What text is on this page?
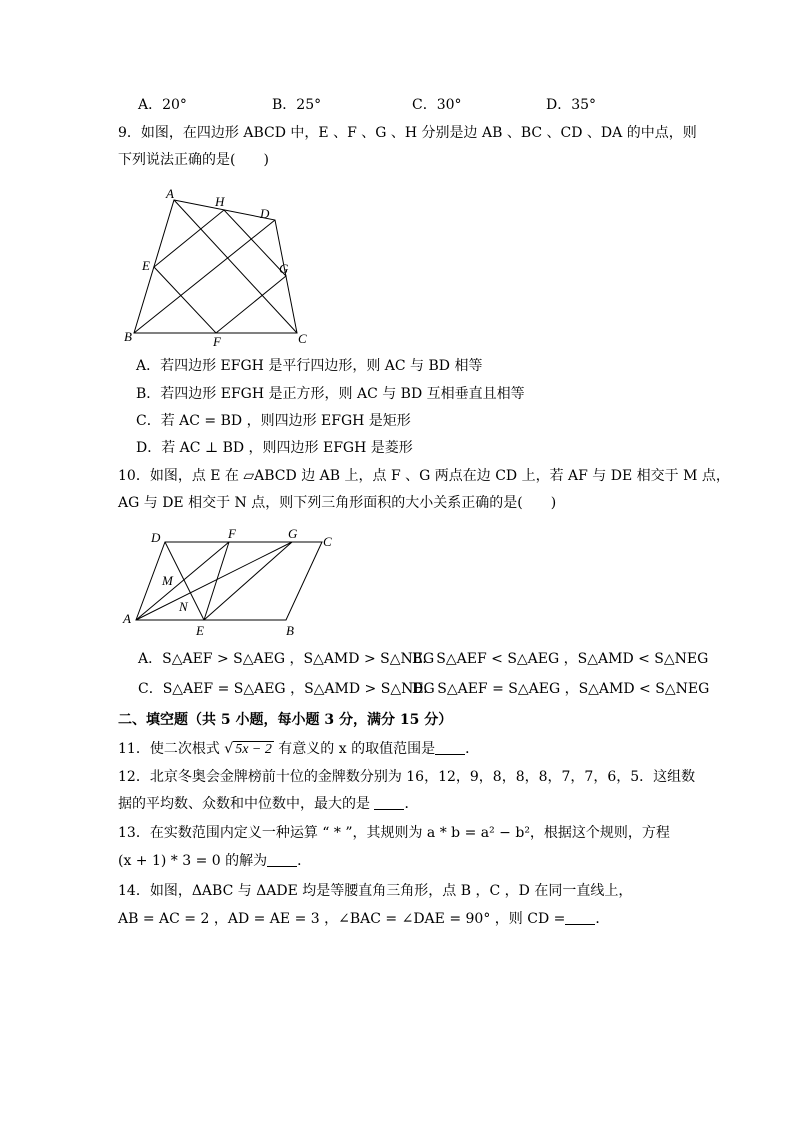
A．20°	B．25°	C．30°	D．35°
9．如图，在四边形 ABCD 中，E 、F 、G 、H 分别是边 AB 、BC 、CD 、DA 的中点，则
下列说法正确的是(　　)
A
H
D
E	G
B	F	C
A．若四边形 EFGH 是平行四边形，则 AC 与 BD 相等
B．若四边形 EFGH 是正方形，则 AC 与 BD 互相垂直且相等
C．若 AC = BD ，则四边形 EFGH 是矩形
D．若 AC ⊥ BD ，则四边形 EFGH 是菱形
10．如图，点 E 在 ▱ABCD 边 AB 上，点 F 、G 两点在边 CD 上，若 AF 与 DE 相交于 M 点，
AG 与 DE 相交于 N 点，则下列三角形面积的大小关系正确的是(　　)
D	F	G
C
M
N
A
E	B
A．S△AEF > S△AEG ，S△AMD > S△NEG
B．S△AEF < S△AEG ，S△AMD < S△NEG
C．S△AEF = S△AEG ，S△AMD > S△NEG
D．S△AEF = S△AEG ，S△AMD < S△NEG
二、填空题（共 5 小题，每小题 3 分，满分 15 分）
11．使二次根式 √ 5x − 2 有意义的 x 的取值范围是 ．
12．北京冬奥会金牌榜前十位的金牌数分别为 16，12，9，8，8，8，7，7，6，5．这组数
据的平均数、众数和中位数中，最大的是 ．
13．在实数范围内定义一种运算 “ * ”，其规则为 a * b = a² − b²，根据这个规则，方程
(x + 1) * 3 = 0 的解为 ．
14．如图，ΔABC 与 ΔADE 均是等腰直角三角形，点 B ，C ，D 在同一直线上，
AB = AC = 2 ，AD = AE = 3 ，∠BAC = ∠DAE = 90° ，则 CD = ．
